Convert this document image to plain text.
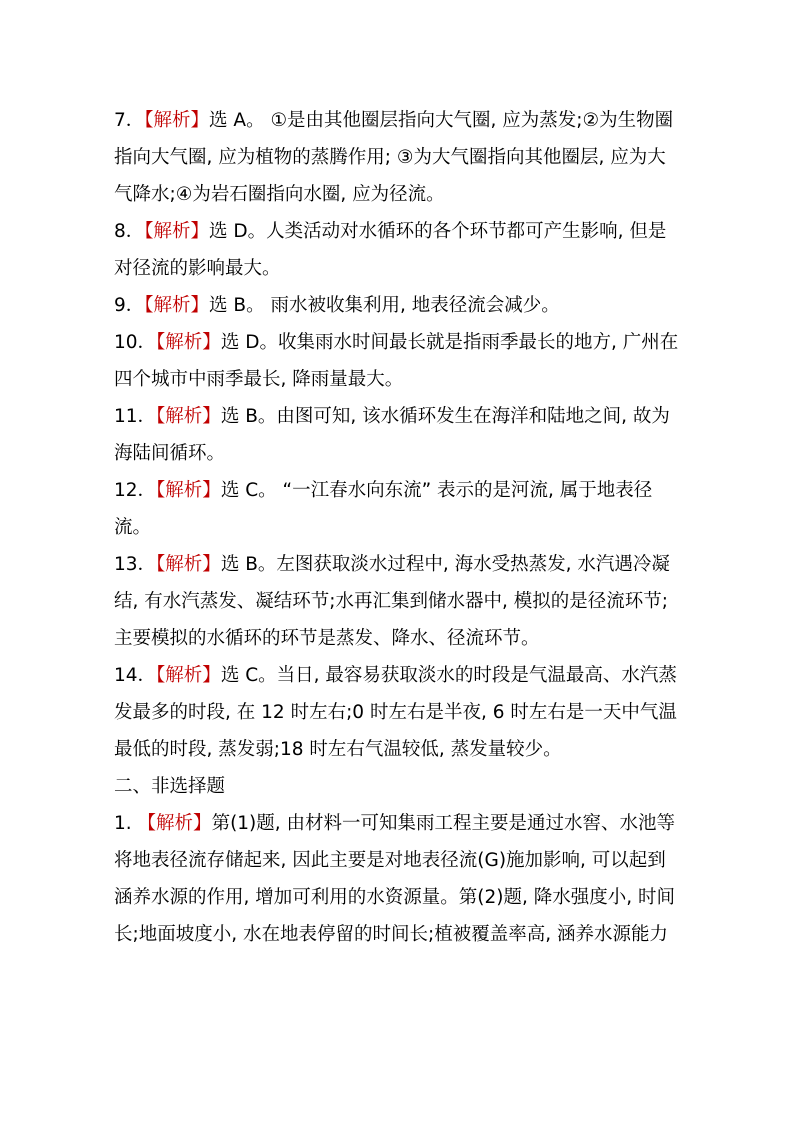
7．【解析】选 A。 ①是由其他圈层指向大气圈, 应为蒸发;②为生物圈指向大气圈, 应为植物的蒸腾作用; ③为大气圈指向其他圈层, 应为大气降水;④为岩石圈指向水圈, 应为径流。

8．【解析】选 D。人类活动对水循环的各个环节都可产生影响, 但是对径流的影响最大。

9．【解析】选 B。 雨水被收集利用, 地表径流会减少。

10．【解析】选 D。收集雨水时间最长就是指雨季最长的地方, 广州在四个城市中雨季最长, 降雨量最大。

11．【解析】选 B。由图可知, 该水循环发生在海洋和陆地之间, 故为海陆间循环。

12．【解析】选 C。 “一江春水向东流” 表示的是河流, 属于地表径流。

13．【解析】选 B。左图获取淡水过程中, 海水受热蒸发, 水汽遇冷凝结, 有水汽蒸发、凝结环节;水再汇集到储水器中, 模拟的是径流环节;主要模拟的水循环的环节是蒸发、降水、径流环节。

14．【解析】选 C。当日, 最容易获取淡水的时段是气温最高、水汽蒸发最多的时段, 在 12 时左右;0 时左右是半夜, 6 时左右是一天中气温最低的时段, 蒸发弱;18 时左右气温较低, 蒸发量较少。

二、非选择题

1. 【解析】第(1)题, 由材料一可知集雨工程主要是通过水窖、水池等将地表径流存储起来, 因此主要是对地表径流(G)施加影响, 可以起到涵养水源的作用, 增加可利用的水资源量。第(2)题, 降水强度小, 时间长;地面坡度小, 水在地表停留的时间长;植被覆盖率高, 涵养水源能力
